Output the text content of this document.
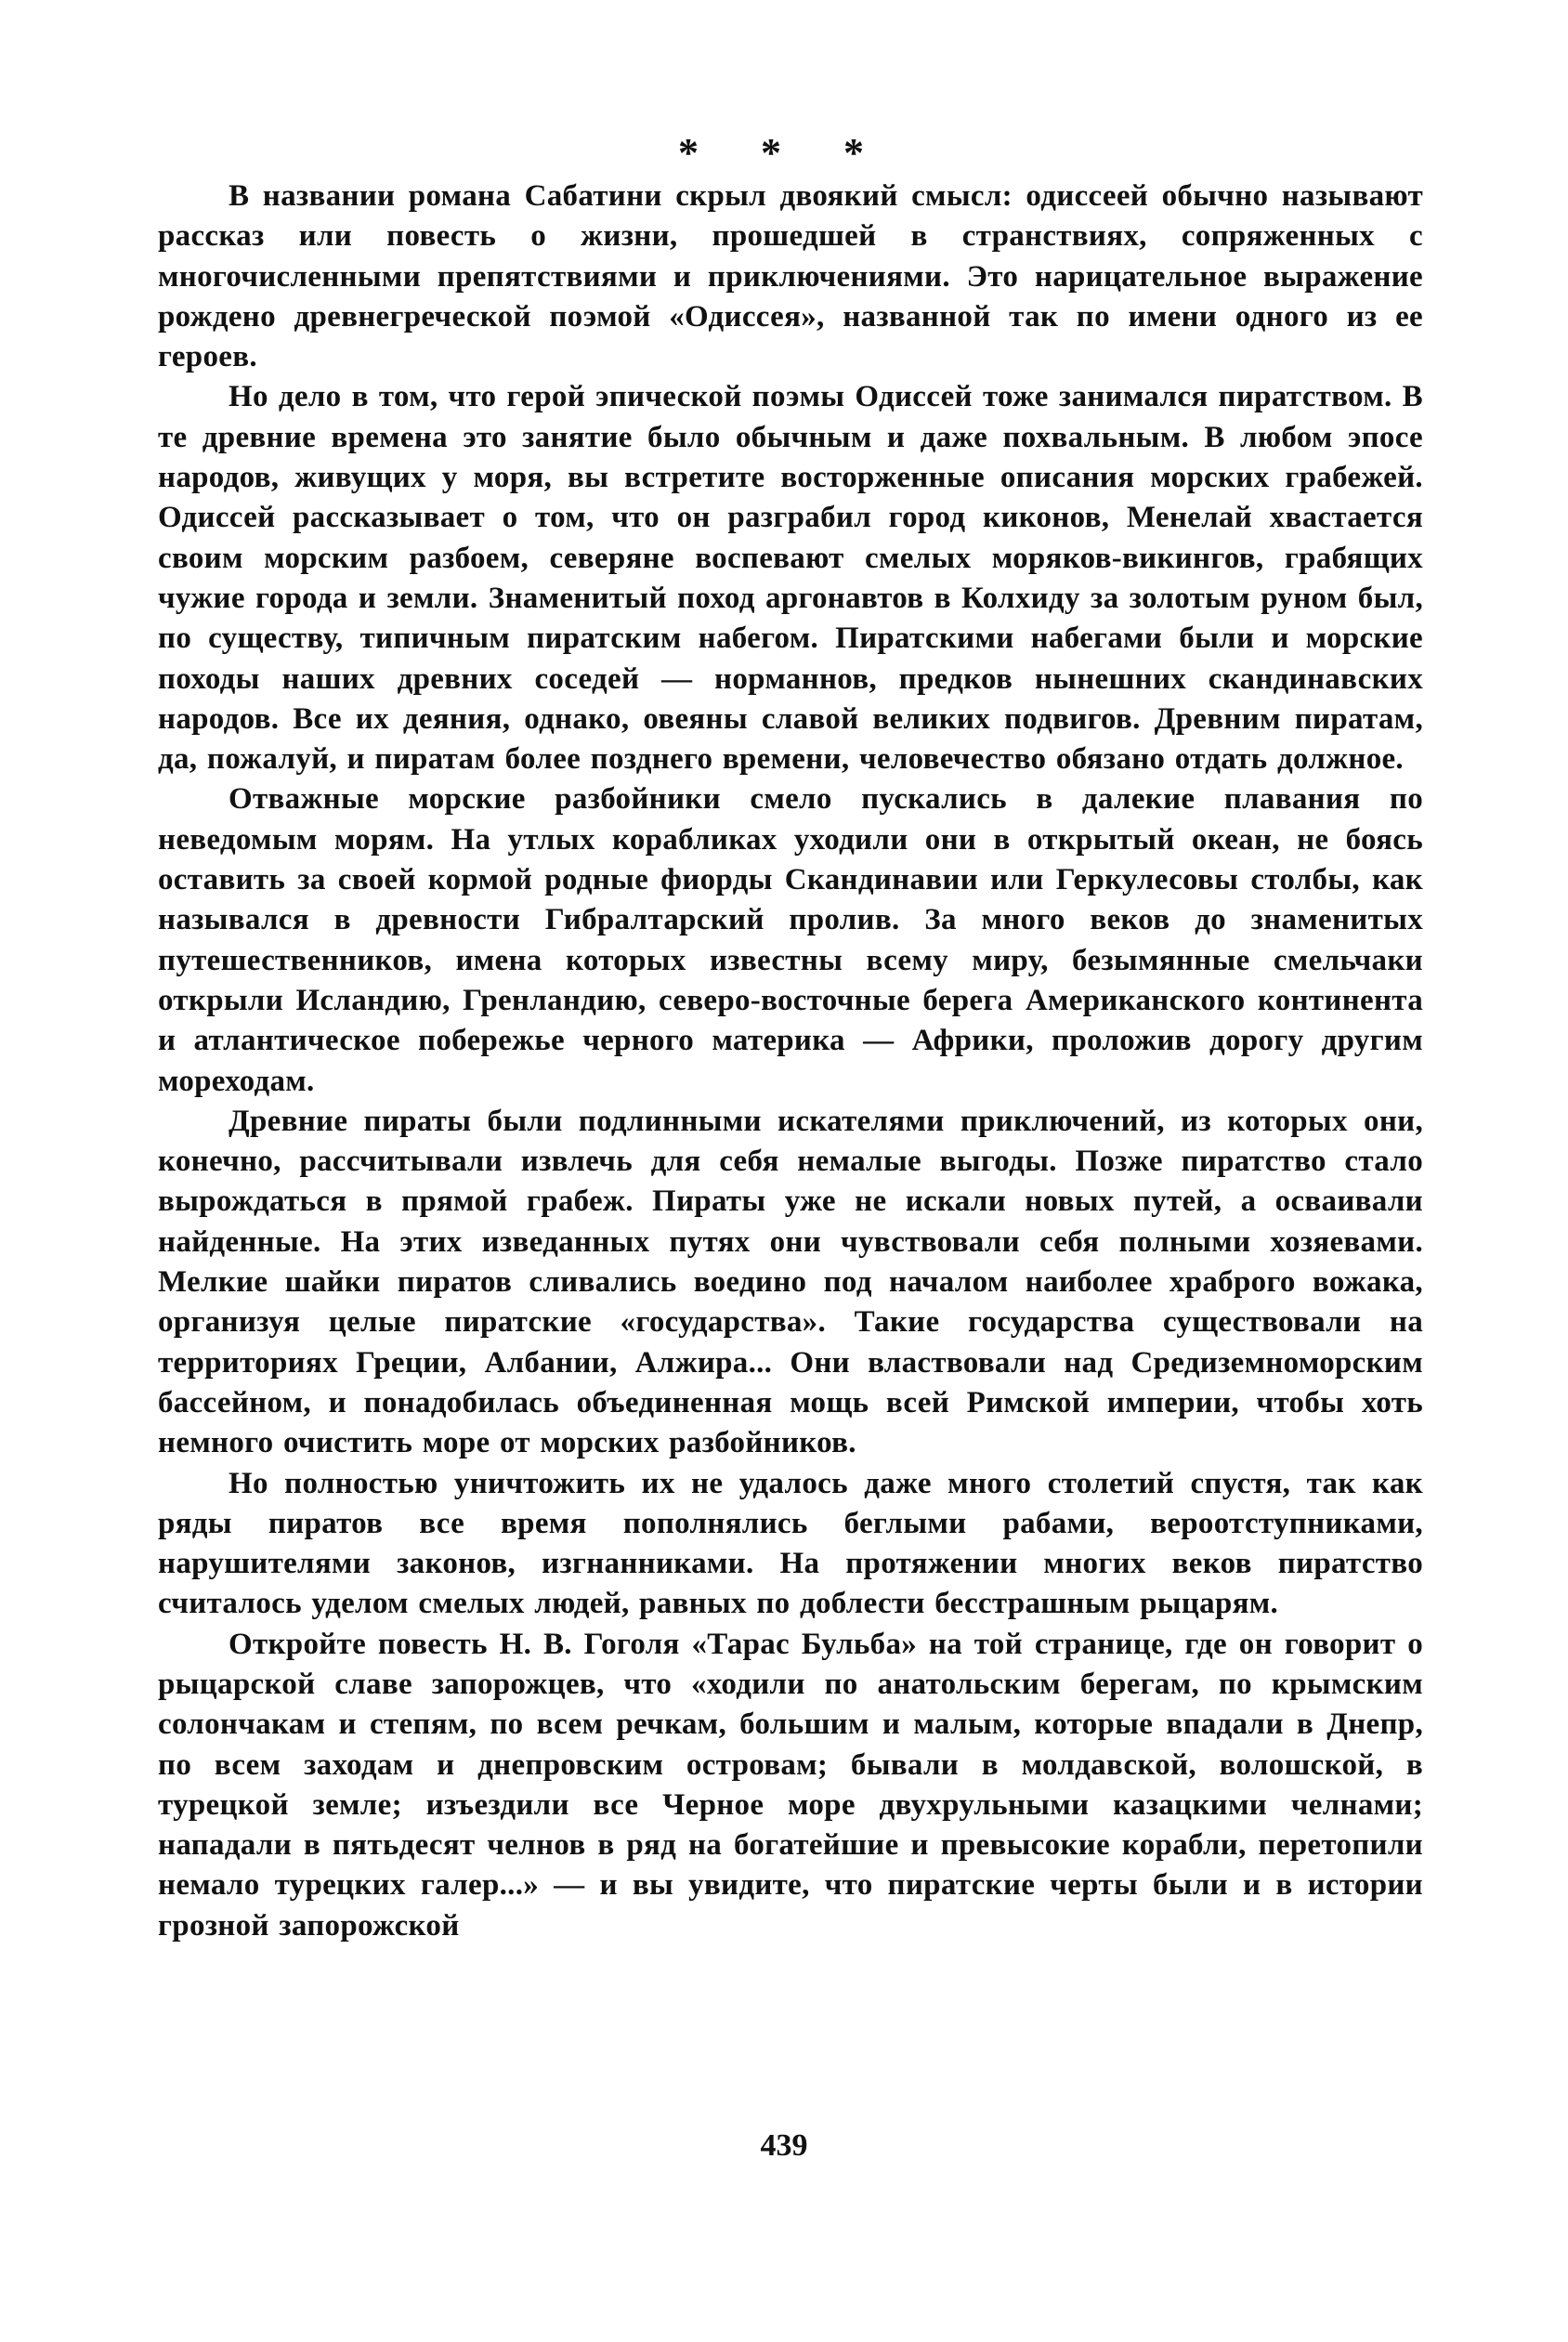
* * *

В названии романа Сабатини скрыл двоякий смысл: одиссеей обычно называют рассказ или повесть о жизни, прошедшей в странствиях, сопряженных с многочисленными препятствиями и приключениями. Это нарицательное выражение рождено древнегреческой поэмой «Одиссея», названной так по имени одного из ее героев.

Но дело в том, что герой эпической поэмы Одиссей тоже занимался пиратством. В те древние времена это занятие было обычным и даже похвальным. В любом эпосе народов, живущих у моря, вы встретите восторженные описания морских грабежей. Одиссей рассказывает о том, что он разграбил город киконов, Менелай хвастается своим морским разбоем, северяне воспевают смелых моряков-викингов, грабящих чужие города и земли. Знаменитый поход аргонавтов в Колхиду за золотым руном был, по существу, типичным пиратским набегом. Пиратскими набегами были и морские походы наших древних соседей — норманнов, предков нынешних скандинавских народов. Все их деяния, однако, овеяны славой великих подвигов. Древним пиратам, да, пожалуй, и пиратам более позднего времени, человечество обязано отдать должное.

Отважные морские разбойники смело пускались в далекие плавания по неведомым морям. На утлых корабликах уходили они в открытый океан, не боясь оставить за своей кормой родные фиорды Скандинавии или Геркулесовы столбы, как назывался в древности Гибралтарский пролив. За много веков до знаменитых путешественников, имена которых известны всему миру, безымянные смельчаки открыли Исландию, Гренландию, северо-восточные берега Американского континента и атлантическое побережье черного материка — Африки, проложив дорогу другим мореходам.

Древние пираты были подлинными искателями приключений, из которых они, конечно, рассчитывали извлечь для себя немалые выгоды. Позже пиратство стало вырождаться в прямой грабеж. Пираты уже не искали новых путей, а осваивали найденные. На этих изведанных путях они чувствовали себя полными хозяевами. Мелкие шайки пиратов сливались воедино под началом наиболее храброго вожака, организуя целые пиратские «государства». Такие государства существовали на территориях Греции, Албании, Алжира... Они властвовали над Средиземноморским бассейном, и понадобилась объединенная мощь всей Римской империи, чтобы хоть немного очистить море от морских разбойников.

Но полностью уничтожить их не удалось даже много столетий спустя, так как ряды пиратов все время пополнялись беглыми рабами, вероотступниками, нарушителями законов, изгнанниками. На протяжении многих веков пиратство считалось уделом смелых людей, равных по доблести бесстрашным рыцарям.

Откройте повесть Н. В. Гоголя «Тарас Бульба» на той странице, где он говорит о рыцарской славе запорожцев, что «ходили по анатольским берегам, по крымским солончакам и степям, по всем речкам, большим и малым, которые впадали в Днепр, по всем заходам и днепровским островам; бывали в молдавской, волошской, в турецкой земле; изъездили все Черное море двухрульными казацкими челнами; нападали в пятьдесят челнов в ряд на богатейшие и превысокие корабли, перетопили немало турецких галер...» — и вы увидите, что пиратские черты были и в истории грозной запорожской

439
